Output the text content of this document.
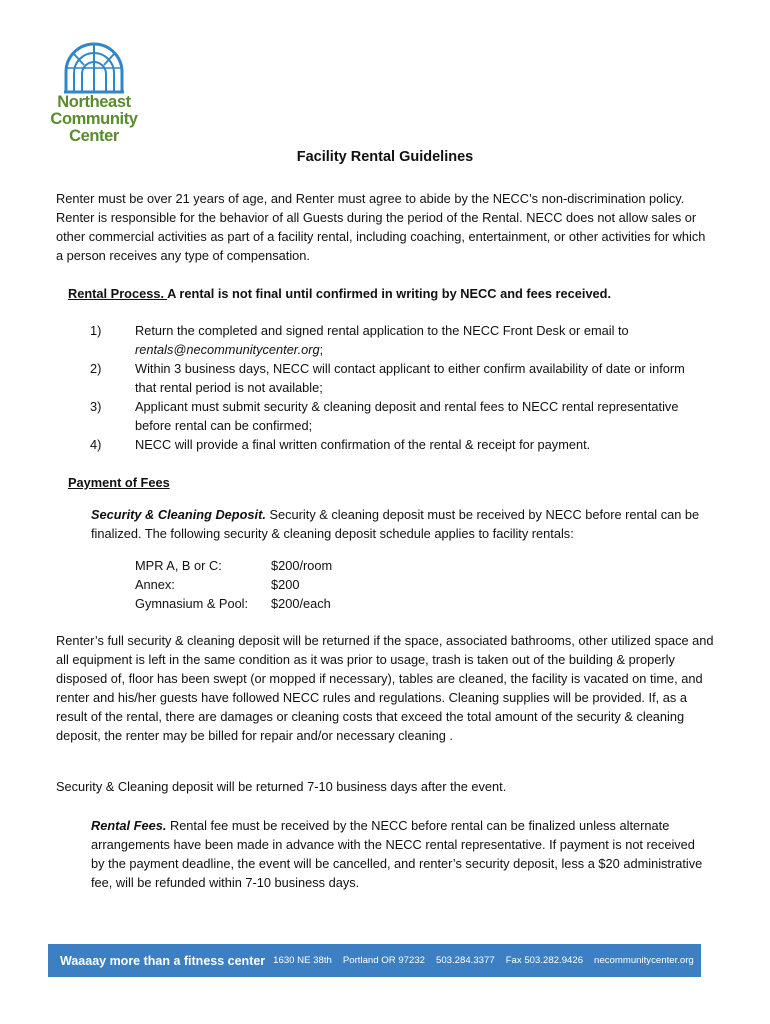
Northeast
Community
Center
Facility Rental Guidelines
Renter must be over 21 years of age, and Renter must agree to abide by the NECC’s non-discrimination policy. Renter is responsible for the behavior of all Guests during the period of the Rental. NECC does not allow sales or other commercial activities as part of a facility rental, including coaching, entertainment, or other activities for which a person receives any type of compensation.
Rental Process. A rental is not final until confirmed in writing by NECC and fees received.
1)	Return the completed and signed rental application to the NECC Front Desk or email to
rentals@necommunitycenter.org;
2)	Within 3 business days, NECC will contact applicant to either confirm availability of date or inform that rental period is not available;
3)	Applicant must submit security & cleaning deposit and rental fees to NECC rental representative before rental can be confirmed;
4)	NECC will provide a final written confirmation of the rental & receipt for payment.
Payment of Fees
Security & Cleaning Deposit. Security & cleaning deposit must be received by NECC before rental can be finalized. The following security & cleaning deposit schedule applies to facility rentals:
MPR A, B or C:	$200/room
Annex:	$200
Gymnasium & Pool:	$200/each
Renter’s full security & cleaning deposit will be returned if the space, associated bathrooms, other utilized space and all equipment is left in the same condition as it was prior to usage, trash is taken out of the building & properly disposed of, floor has been swept (or mopped if necessary), tables are cleaned, the facility is vacated on time, and renter and his/her guests have followed NECC rules and regulations. Cleaning supplies will be provided. If, as a result of the rental, there are damages or cleaning costs that exceed the total amount of the security & cleaning deposit, the renter may be billed for repair and/or necessary cleaning .
Security & Cleaning deposit will be returned 7-10 business days after the event.
Rental Fees. Rental fee must be received by the NECC before rental can be finalized unless alternate arrangements have been made in advance with the NECC rental representative. If payment is not received by the payment deadline, the event will be cancelled, and renter’s security deposit, less a $20 administrative fee, will be refunded within 7-10 business days.
Waaaay more than a fitness center 1630 NE 38th Portland OR 97232 503.284.3377 Fax 503.282.9426 necommunitycenter.org
